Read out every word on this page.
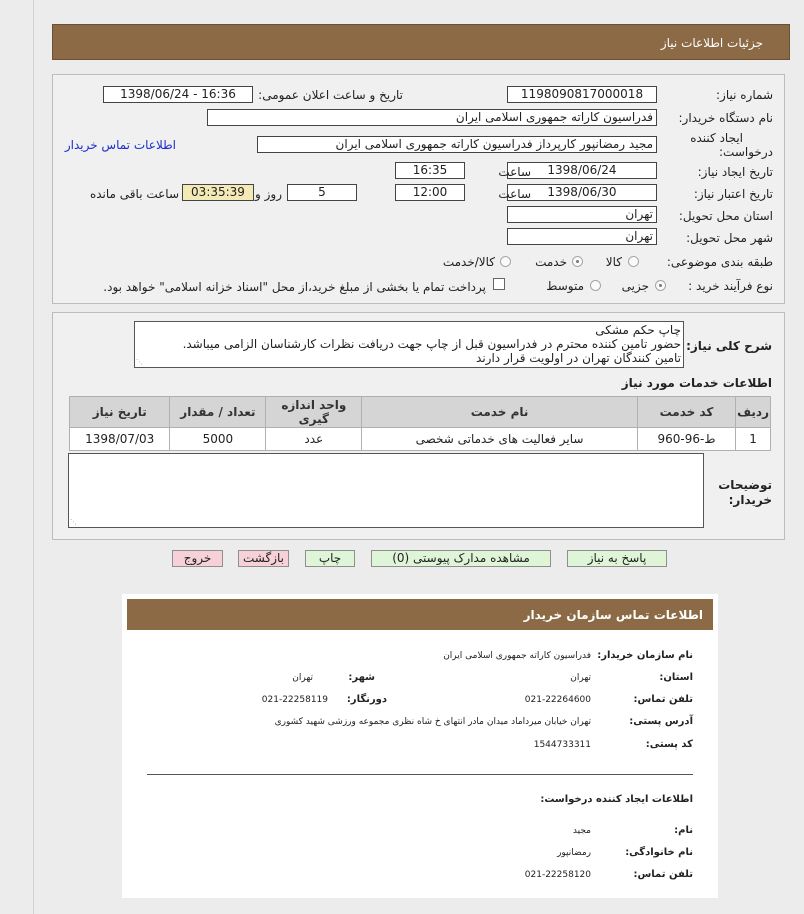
جزئیات اطلاعات نیاز
شماره نیاز:
1198090817000018
تاریخ و ساعت اعلان عمومی:
1398/06/24 - 16:36
نام دستگاه خریدار:
فدراسیون کاراته جمهوری اسلامی ایران
ایجاد کننده
درخواست:
مجید رمضانپور کارپرداز فدراسیون کاراته جمهوری اسلامی ایران
اطلاعات تماس خریدار
تاریخ ایجاد نیاز:
1398/06/24
ساعت
16:35
تاریخ اعتبار نیاز:
1398/06/30
ساعت
12:00
5
روز و
03:35:39
ساعت باقی مانده
استان محل تحویل:
تهران
شهر محل تحویل:
تهران
طبقه بندی موضوعی:
کالا
خدمت
کالا/خدمت
نوع فرآیند خرید :
جزیی
متوسط
پرداخت تمام یا بخشی از مبلغ خرید،از محل "اسناد خزانه اسلامی" خواهد بود.
شرح کلی نیاز:
چاپ حکم مشکی
حضور تامین کننده محترم در فدراسیون قبل از چاپ جهت دریافت نظرات کارشناسان الزامی میباشد.
تامین کنندگان تهران در اولویت قرار دارند
⋰
اطلاعات خدمات مورد نیاز
ردیف	کد خدمت	نام خدمت	واحد اندازه گیری	تعداد / مقدار	تاریخ نیاز
1	ط-96-960	سایر فعالیت های خدماتی شخصی	عدد	5000	1398/07/03
توضیحات
خریدار:
⋰
پاسخ به نیاز
مشاهده مدارک پیوستی (0)
چاپ
بازگشت
خروج
اطلاعات تماس سازمان خریدار
نام سازمان خریدار:
فدراسیون کاراته جمهوری اسلامی ایران
استان:
تهران
شهر:
تهران
تلفن تماس:
021-22264600
دورنگار:
021-22258119
آدرس پستی:
تهران خیابان میرداماد میدان مادر انتهای خ شاه نظری مجموعه ورزشی شهید کشوری
کد پستی:
1544733311
اطلاعات ایجاد کننده درخواست:
نام:
مجید
نام خانوادگی:
رمضانپور
تلفن تماس:
021-22258120
